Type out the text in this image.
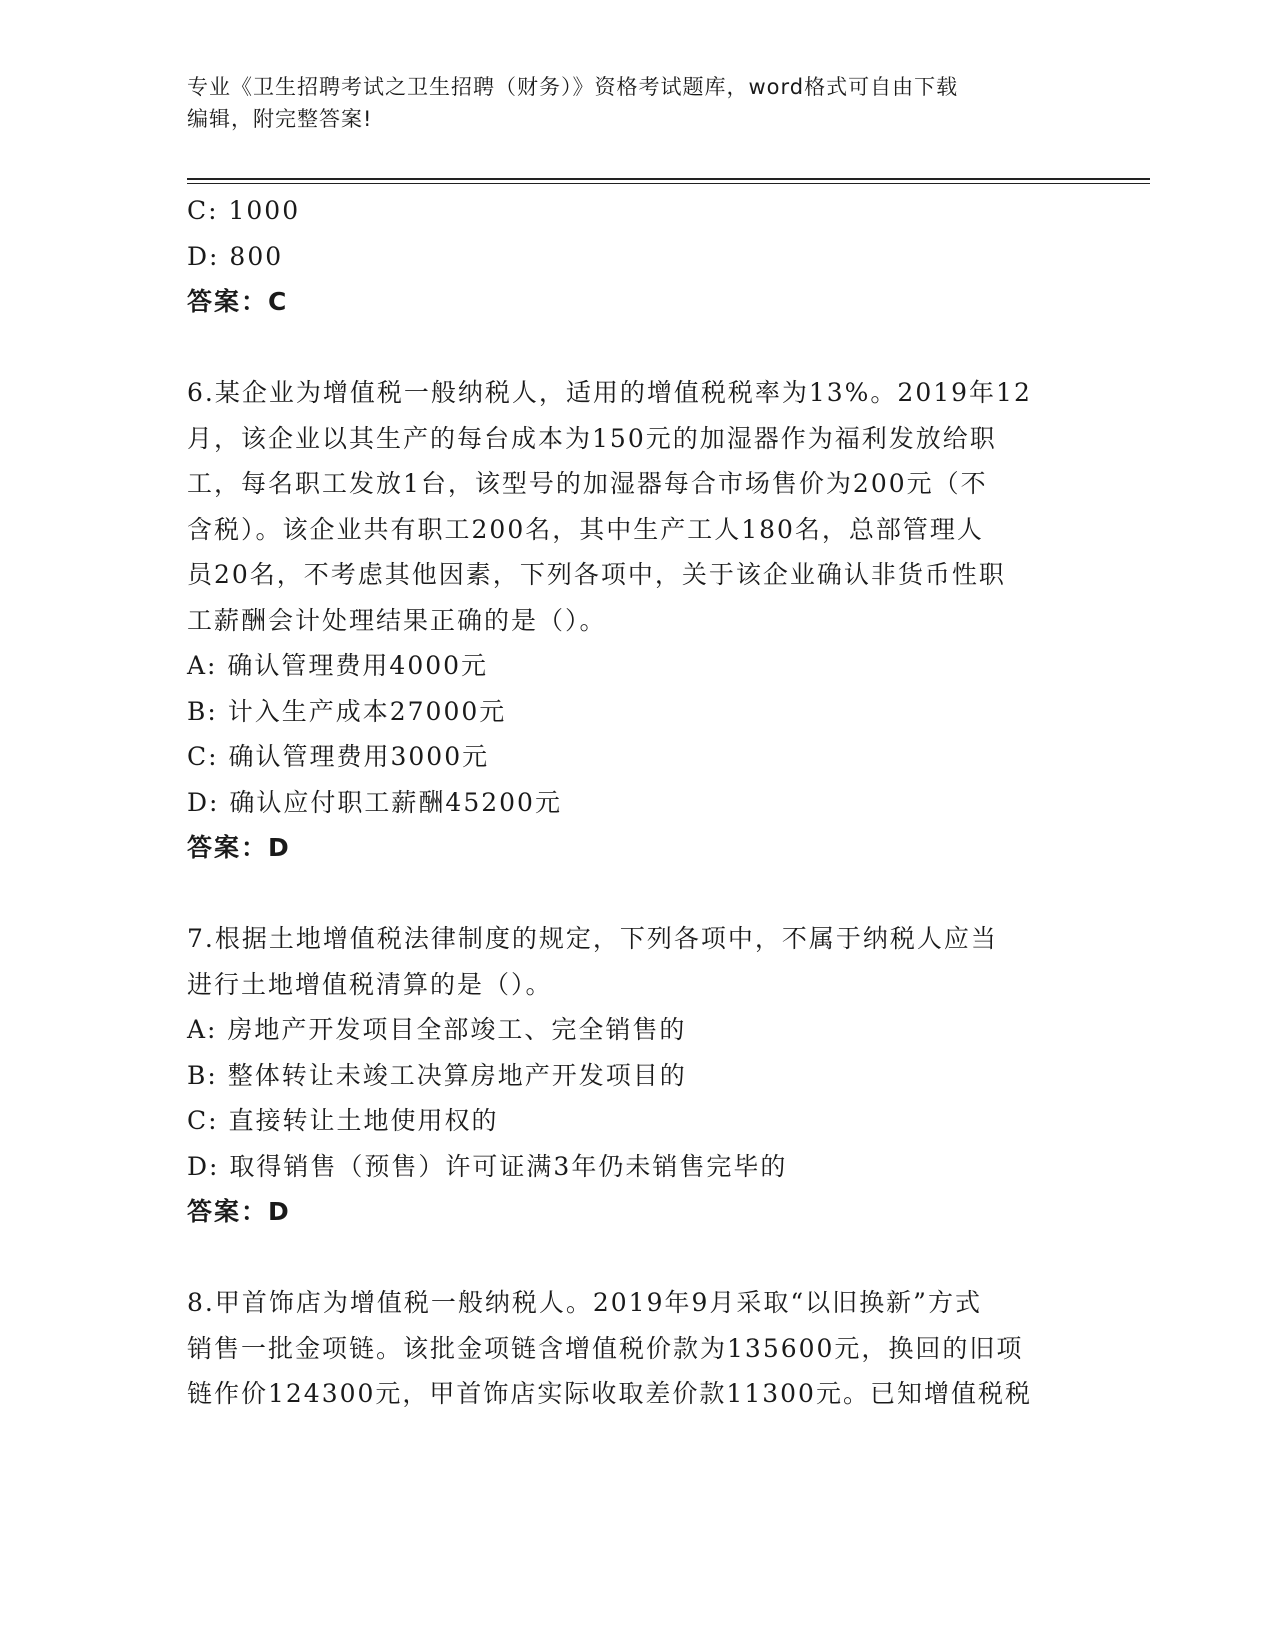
专业《卫生招聘考试之卫生招聘（财务）》资格考试题库，word格式可自由下载
编辑，附完整答案!
C: 1000
D: 800
答案：C
6.某企业为增值税一般纳税人，适用的增值税税率为13%。2019年12
月，该企业以其生产的每台成本为150元的加湿器作为福利发放给职
工，每名职工发放1台，该型号的加湿器每合市场售价为200元（不
含税）。该企业共有职工200名，其中生产工人180名，总部管理人
员20名，不考虑其他因素，下列各项中，关于该企业确认非货币性职
工薪酬会计处理结果正确的是（）。
A: 确认管理费用4000元
B: 计入生产成本27000元
C: 确认管理费用3000元
D: 确认应付职工薪酬45200元
答案：D
7.根据土地增值税法律制度的规定，下列各项中，不属于纳税人应当
进行土地增值税清算的是（）。
A: 房地产开发项目全部竣工、完全销售的
B: 整体转让未竣工决算房地产开发项目的
C: 直接转让土地使用权的
D: 取得销售（预售）许可证满3年仍未销售完毕的
答案：D
8.甲首饰店为增值税一般纳税人。2019年9月采取“以旧换新”方式
销售一批金项链。该批金项链含增值税价款为135600元，换回的旧项
链作价124300元，甲首饰店实际收取差价款11300元。已知增值税税
